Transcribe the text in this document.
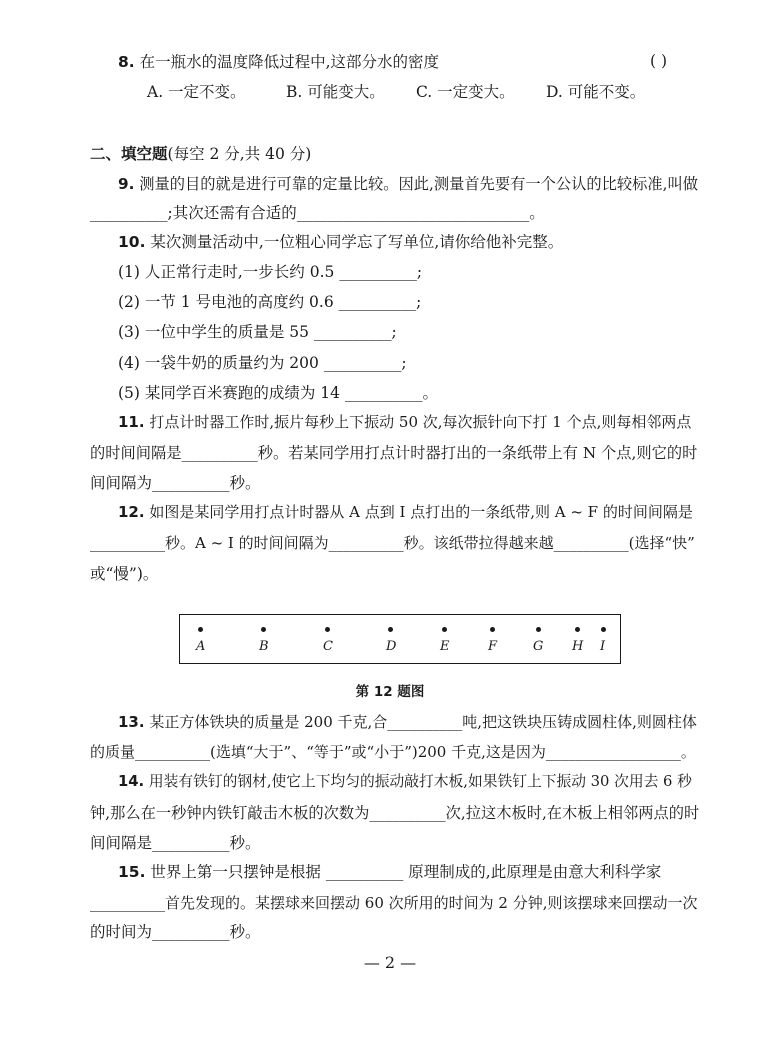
8. 在一瓶水的温度降低过程中,这部分水的密度	( )
A. 一定不变。	B. 可能变大。 C. 一定变大。 D. 可能不变。
二、填空题(每空 2 分,共 40 分)
9. 测量的目的就是进行可靠的定量比较。因此,测量首先要有一个公认的比较标准,叫做
__________;其次还需有合适的______________________________。
10. 某次测量活动中,一位粗心同学忘了写单位,请你给他补完整。
(1) 人正常行走时,一步长约 0.5 __________;
(2) 一节 1 号电池的高度约 0.6 __________;
(3) 一位中学生的质量是 55 __________;
(4) 一袋牛奶的质量约为 200 __________;
(5) 某同学百米赛跑的成绩为 14 __________。
11. 打点计时器工作时,振片每秒上下振动 50 次,每次振针向下打 1 个点,则每相邻两点
的时间间隔是__________秒。若某同学用打点计时器打出的一条纸带上有 N 个点,则它的时
间间隔为__________秒。
12. 如图是某同学用打点计时器从 A 点到 I 点打出的一条纸带,则 A ~ F 的时间间隔是
__________秒。A ~ I 的时间间隔为__________秒。该纸带拉得越来越__________(选择“快”
或“慢”)。
A	B	C	D	E	F	G H I
第 12 题图
13. 某正方体铁块的质量是 200 千克,合__________吨,把这铁块压铸成圆柱体,则圆柱体
的质量__________(选填“大于”、“等于”或“小于”)200 千克,这是因为__________________。
14. 用装有铁钉的钢材,使它上下均匀的振动敲打木板,如果铁钉上下振动 30 次用去 6 秒
钟,那么在一秒钟内铁钉敲击木板的次数为__________次,拉这木板时,在木板上相邻两点的时
间间隔是__________秒。
15. 世界上第一只摆钟是根据 __________ 原理制成的,此原理是由意大利科学家
__________首先发现的。某摆球来回摆动 60 次所用的时间为 2 分钟,则该摆球来回摆动一次
的时间为__________秒。
— 2 —
